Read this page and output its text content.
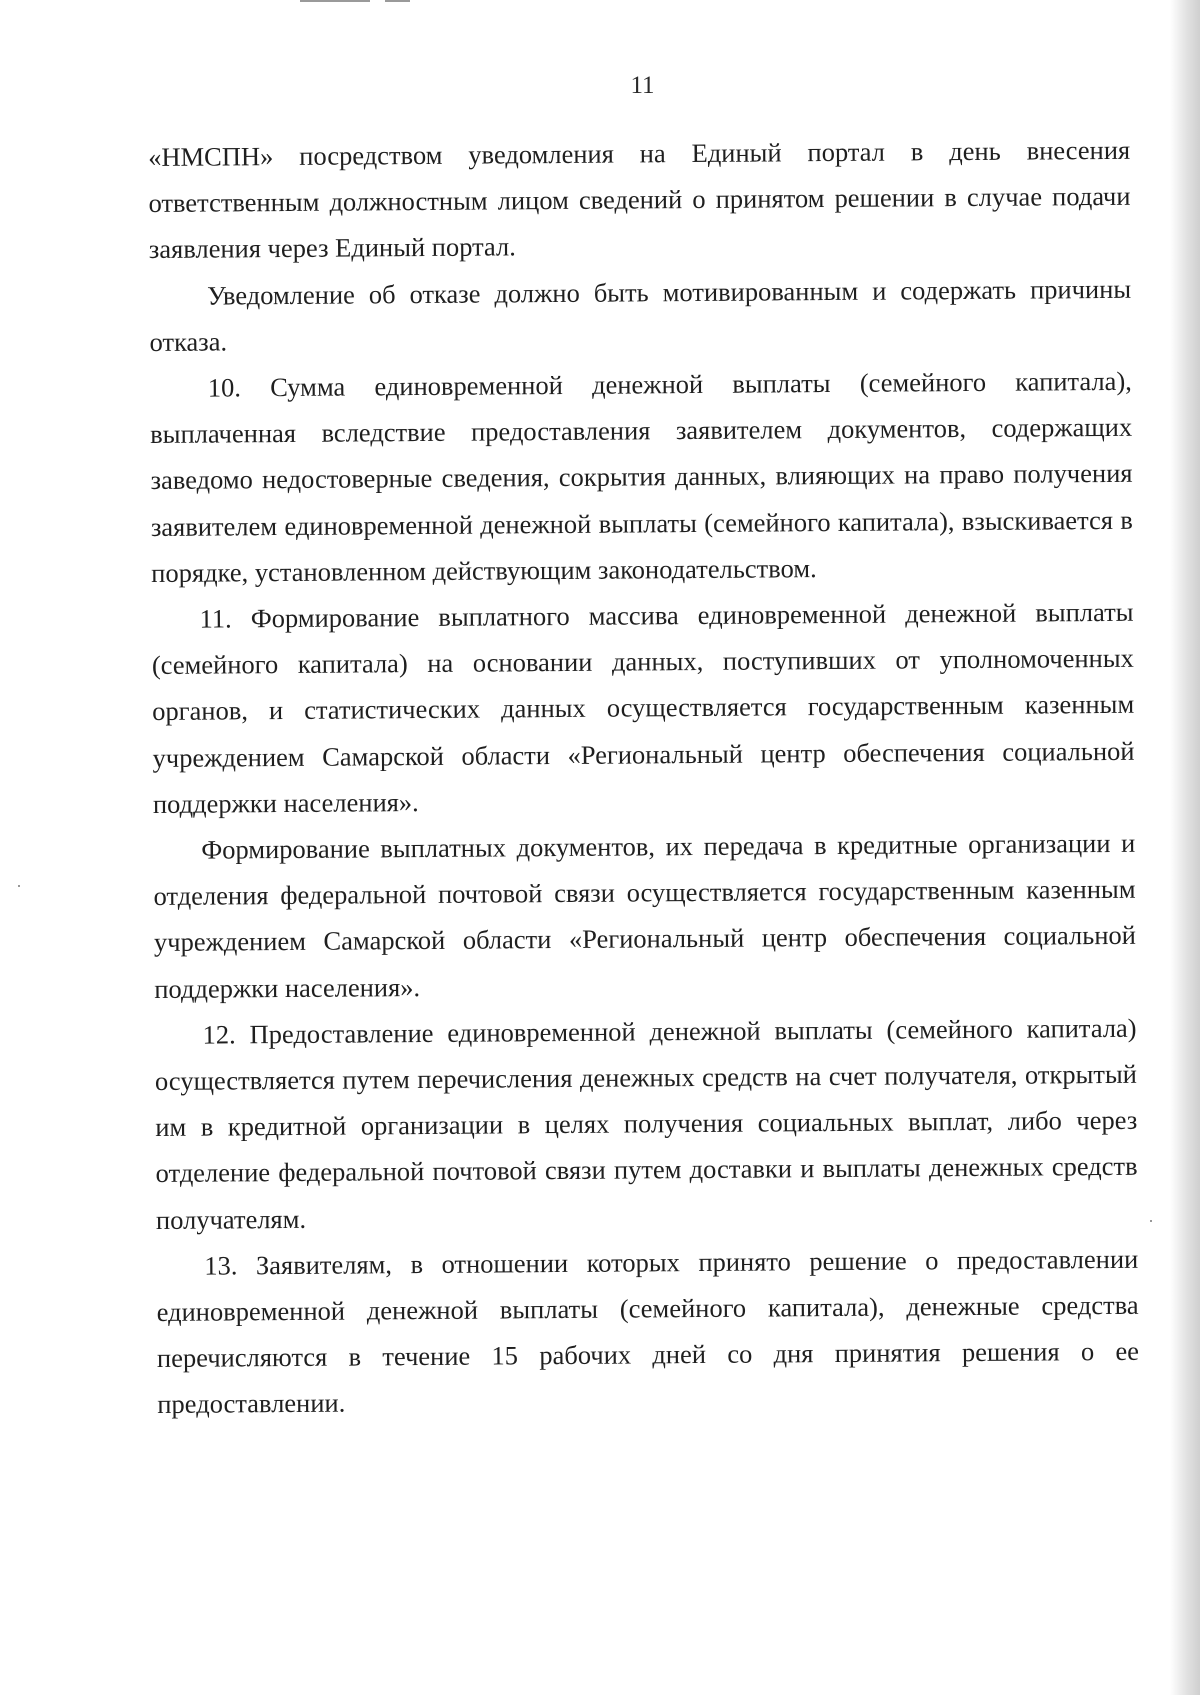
11

«НМСПН» посредством уведомления на Единый портал в день внесения ответственным должностным лицом сведений о принятом решении в случае подачи заявления через Единый портал.

Уведомление об отказе должно быть мотивированным и содержать причины отказа.

10. Сумма единовременной денежной выплаты (семейного капитала), выплаченная вследствие предоставления заявителем документов, содержащих заведомо недостоверные сведения, сокрытия данных, влияющих на право получения заявителем единовременной денежной выплаты (семейного капитала), взыскивается в порядке, установленном действующим законодательством.

11. Формирование выплатного массива единовременной денежной выплаты (семейного капитала) на основании данных, поступивших от уполномоченных органов, и статистических данных осуществляется государственным казенным учреждением Самарской области «Региональный центр обеспечения социальной поддержки населения».

Формирование выплатных документов, их передача в кредитные организации и отделения федеральной почтовой связи осуществляется государственным казенным учреждением Самарской области «Региональный центр обеспечения социальной поддержки населения».

12. Предоставление единовременной денежной выплаты (семейного капитала) осуществляется путем перечисления денежных средств на счет получателя, открытый им в кредитной организации в целях получения социальных выплат, либо через отделение федеральной почтовой связи путем доставки и выплаты денежных средств получателям.

13. Заявителям, в отношении которых принято решение о предоставлении единовременной денежной выплаты (семейного капитала), денежные средства перечисляются в течение 15 рабочих дней со дня принятия решения о ее предоставлении.
